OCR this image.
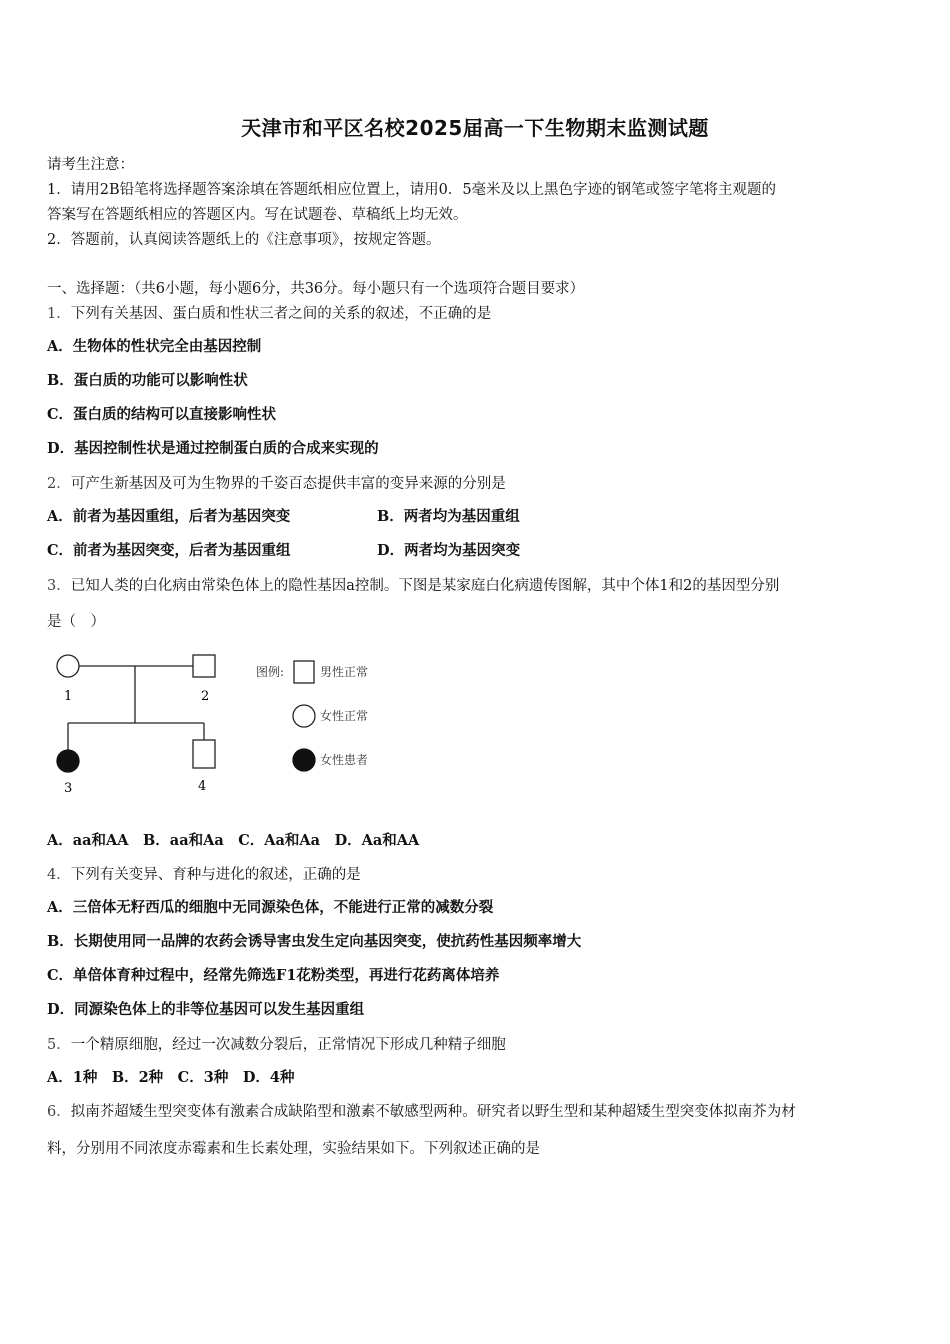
天津市和平区名校2025届高一下生物期末监测试题
请考生注意：
1．请用2B铅笔将选择题答案涂填在答题纸相应位置上，请用0．5毫米及以上黑色字迹的钢笔或签字笔将主观题的
答案写在答题纸相应的答题区内。写在试题卷、草稿纸上均无效。
2．答题前，认真阅读答题纸上的《注意事项》，按规定答题。
一、选择题：（共6小题，每小题6分，共36分。每小题只有一个选项符合题目要求）
1．下列有关基因、蛋白质和性状三者之间的关系的叙述，不正确的是
A．生物体的性状完全由基因控制
B．蛋白质的功能可以影响性状
C．蛋白质的结构可以直接影响性状
D．基因控制性状是通过控制蛋白质的合成来实现的
2．可产生新基因及可为生物界的千姿百态提供丰富的变异来源的分别是
A．前者为基因重组，后者为基因突变	B．两者均为基因重组
C．前者为基因突变，后者为基因重组	D．两者均为基因突变
3．已知人类的白化病由常染色体上的隐性基因a控制。下图是某家庭白化病遗传图解，其中个体1和2的基因型分别
是（　）
1	2
3	4
图例:	男性正常
女性正常
女性患者
A．aa和AA　B．aa和Aa　C．Aa和Aa　D．Aa和AA
4．下列有关变异、育种与进化的叙述，正确的是
A．三倍体无籽西瓜的细胞中无同源染色体，不能进行正常的减数分裂
B．长期使用同一品牌的农药会诱导害虫发生定向基因突变，使抗药性基因频率增大
C．单倍体育种过程中，经常先筛选F1花粉类型，再进行花药离体培养
D．同源染色体上的非等位基因可以发生基因重组
5．一个精原细胞，经过一次减数分裂后，正常情况下形成几种精子细胞
A．1种　B．2种　C．3种　D．4种
6．拟南芥超矮生型突变体有激素合成缺陷型和激素不敏感型两种。研究者以野生型和某种超矮生型突变体拟南芥为材
料，分别用不同浓度赤霉素和生长素处理，实验结果如下。下列叙述正确的是
